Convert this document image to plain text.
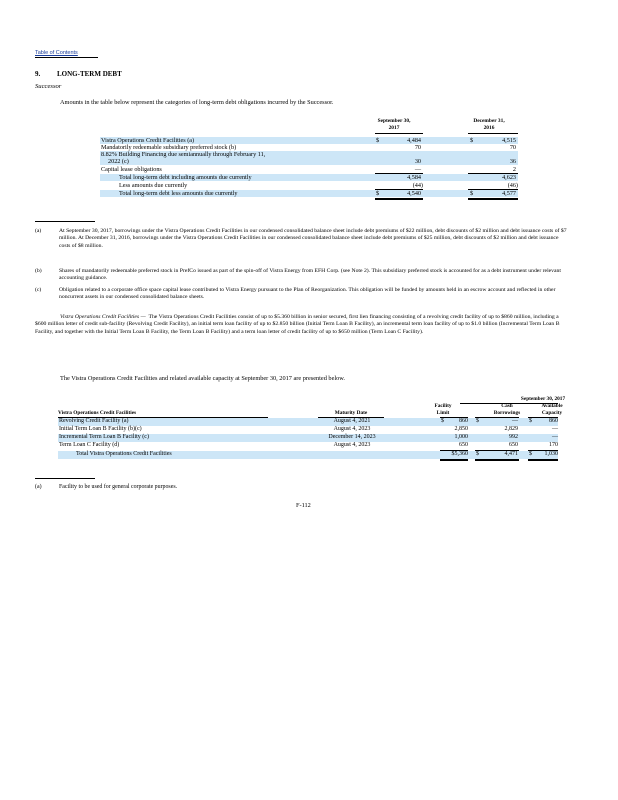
Table of Contents
9. LONG-TERM DEBT
Successor
Amounts in the table below represent the categories of long-term debt obligations incurred by the Successor.
September 30,
2017
December 31,
2016
Vistra Operations Credit Facilities (a)	$	4,484	$	4,515
Mandatorily redeemable subsidiary preferred stock (b)	70	70
8.82% Building Financing due semiannually through February 11,
2022 (c)	30	36
Capital lease obligations	—	2
Total long-term debt including amounts due currently	4,584	4,623
Less amounts due currently	(44)	(46)
Total long-term debt less amounts due currently	$	4,540	$	4,577
(a)	At September 30, 2017, borrowings under the Vistra Operations Credit Facilities in our condensed consolidated balance sheet include debt premiums of $22 million, debt discounts of $2 million and debt issuance costs of $7 million. At December 31, 2016, borrowings under the Vistra Operations Credit Facilities in our condensed consolidated balance sheet include debt premiums of $25 million, debt discounts of $2 million and debt issuance costs of $8 million.
(b)	Shares of mandatorily redeemable preferred stock in PrefCo issued as part of the spin-off of Vistra Energy from EFH Corp. (see Note 2). This subsidiary preferred stock is accounted for as a debt instrument under relevant accounting guidance.
(c)	Obligation related to a corporate office space capital lease contributed to Vistra Energy pursuant to the Plan of Reorganization. This obligation will be funded by amounts held in an escrow account and reflected in other noncurrent assets in our condensed consolidated balance sheets.
Vistra Operations Credit Facilities — The Vistra Operations Credit Facilities consist of up to $5.360 billion in senior secured, first lien financing consisting of a revolving credit facility of up to $860 million, including a $600 million letter of credit sub-facility (Revolving Credit Facility), an initial term loan facility of up to $2.850 billion (Initial Term Loan B Facility), an incremental term loan facility of up to $1.0 billion (Incremental Term Loan B Facility, and together with the Initial Term Loan B Facility, the Term Loan B Facility) and a term loan letter of credit facility of up to $650 million (Term Loan C Facility).
The Vistra Operations Credit Facilities and related available capacity at September 30, 2017 are presented below.
September 30, 2017
Facility
Limit
Cash
Borrowings
Available
Capacity
Vistra Operations Credit Facilities	Maturity Date
Revolving Credit Facility (a)	August 4, 2021	$	860 $	— $	860
Initial Term Loan B Facility (b)(c)	August 4, 2023	2,850	2,829	—
Incremental Term Loan B Facility (c)	December 14, 2023	1,000	992	—
Term Loan C Facility (d)	August 4, 2023	650	650	170
Total Vistra Operations Credit Facilities	$5,360 $	4,471 $	1,030
(a)	Facility to be used for general corporate purposes.
F-112
